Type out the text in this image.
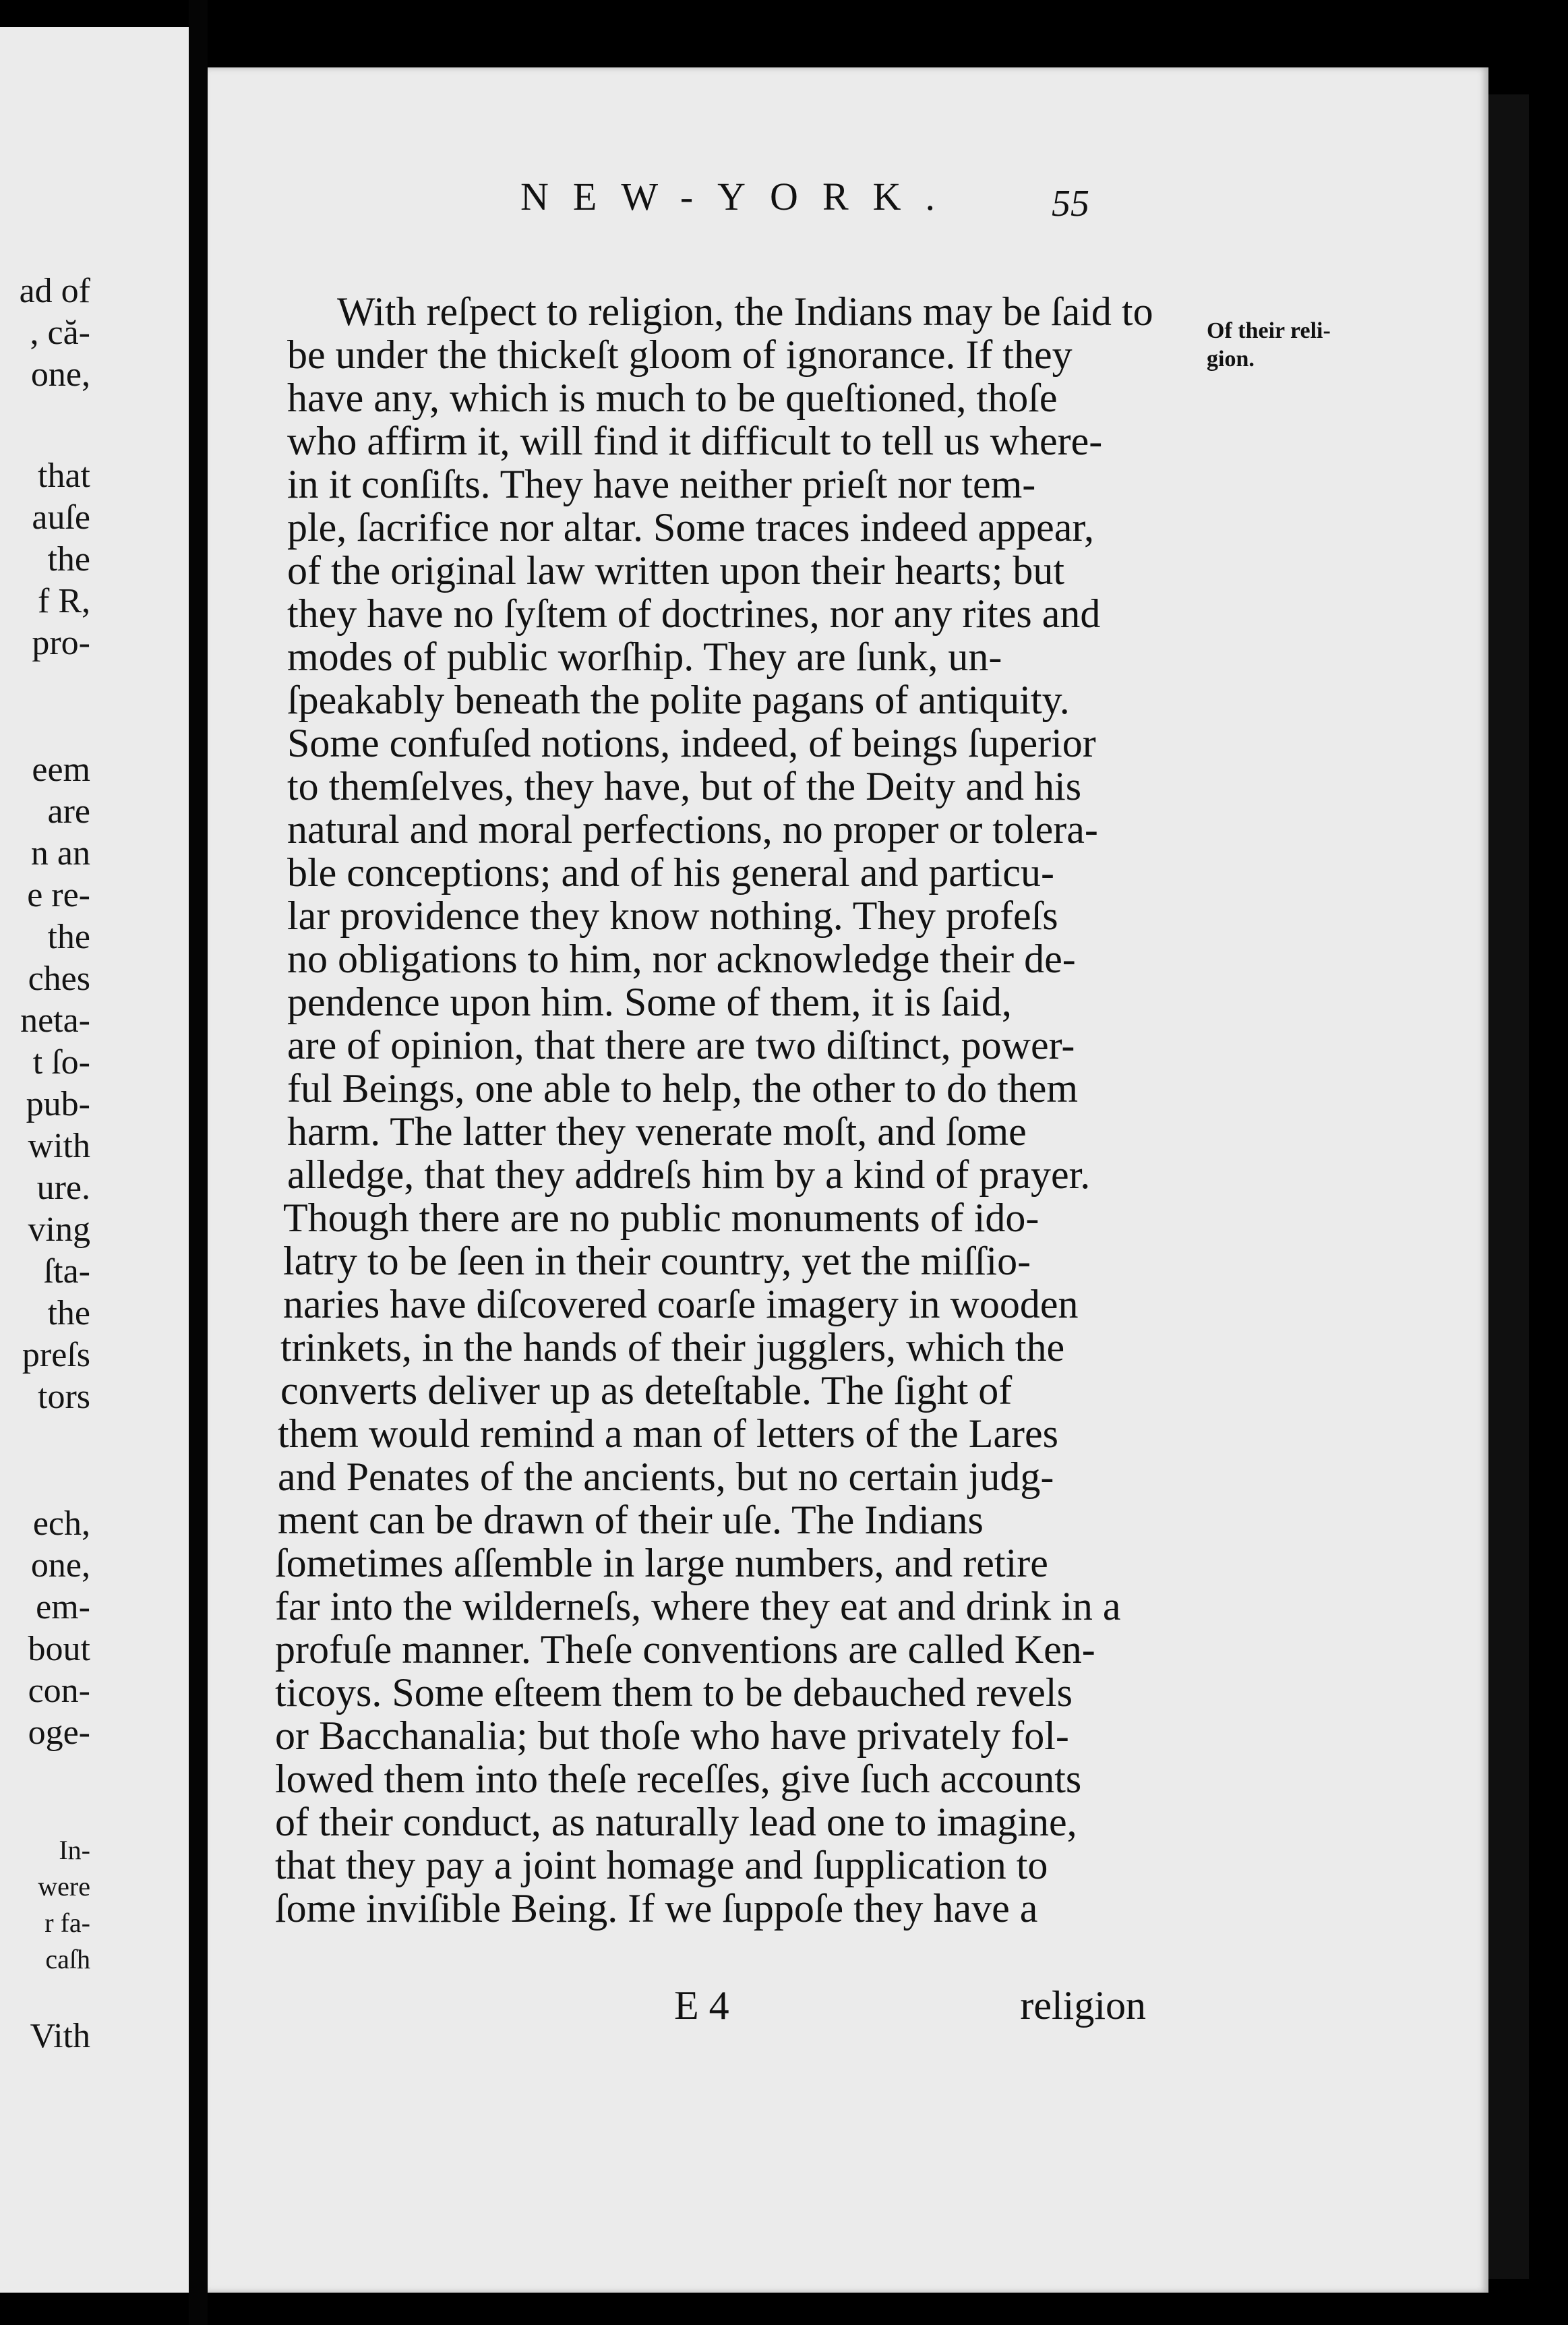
ad of
, că-
one,
that
auſe
the
f R,
pro-
eem
are
n an
e re-
the
ches
neta-
t ſo-
pub-
with
ure.
ving
ſta-
the
preſs
tors
ech,
one,
em-
bout
con-
oge-
In-
were
r fa-
caſh
Vith
NEW-YORK. 55
Of their reli-
gion.
With reſpect to religion, the Indians may be ſaid to
be under the thickeſt gloom of ignorance. If they
have any, which is much to be queſtioned, thoſe
who affirm it, will find it difficult to tell us where-
in it conſiſts. They have neither prieſt nor tem-
ple, ſacrifice nor altar. Some traces indeed appear,
of the original law written upon their hearts; but
they have no ſyſtem of doctrines, nor any rites and
modes of public worſhip. They are ſunk, un-
ſpeakably beneath the polite pagans of antiquity.
Some confuſed notions, indeed, of beings ſuperior
to themſelves, they have, but of the Deity and his
natural and moral perfections, no proper or tolera-
ble conceptions; and of his general and particu-
lar providence they know nothing. They profeſs
no obligations to him, nor acknowledge their de-
pendence upon him. Some of them, it is ſaid,
are of opinion, that there are two diſtinct, power-
ful Beings, one able to help, the other to do them
harm. The latter they venerate moſt, and ſome
alledge, that they addreſs him by a kind of prayer.
Though there are no public monuments of ido-
latry to be ſeen in their country, yet the miſſio-
naries have diſcovered coarſe imagery in wooden
trinkets, in the hands of their jugglers, which the
converts deliver up as deteſtable. The ſight of
them would remind a man of letters of the Lares
and Penates of the ancients, but no certain judg-
ment can be drawn of their uſe. The Indians
ſometimes aſſemble in large numbers, and retire
far into the wilderneſs, where they eat and drink in a
profuſe manner. Theſe conventions are called Ken-
ticoys. Some eſteem them to be debauched revels
or Bacchanalia; but thoſe who have privately fol-
lowed them into theſe receſſes, give ſuch accounts
of their conduct, as naturally lead one to imagine,
that they pay a joint homage and ſupplication to
ſome inviſible Being. If we ſuppoſe they have a
E 4	religion
